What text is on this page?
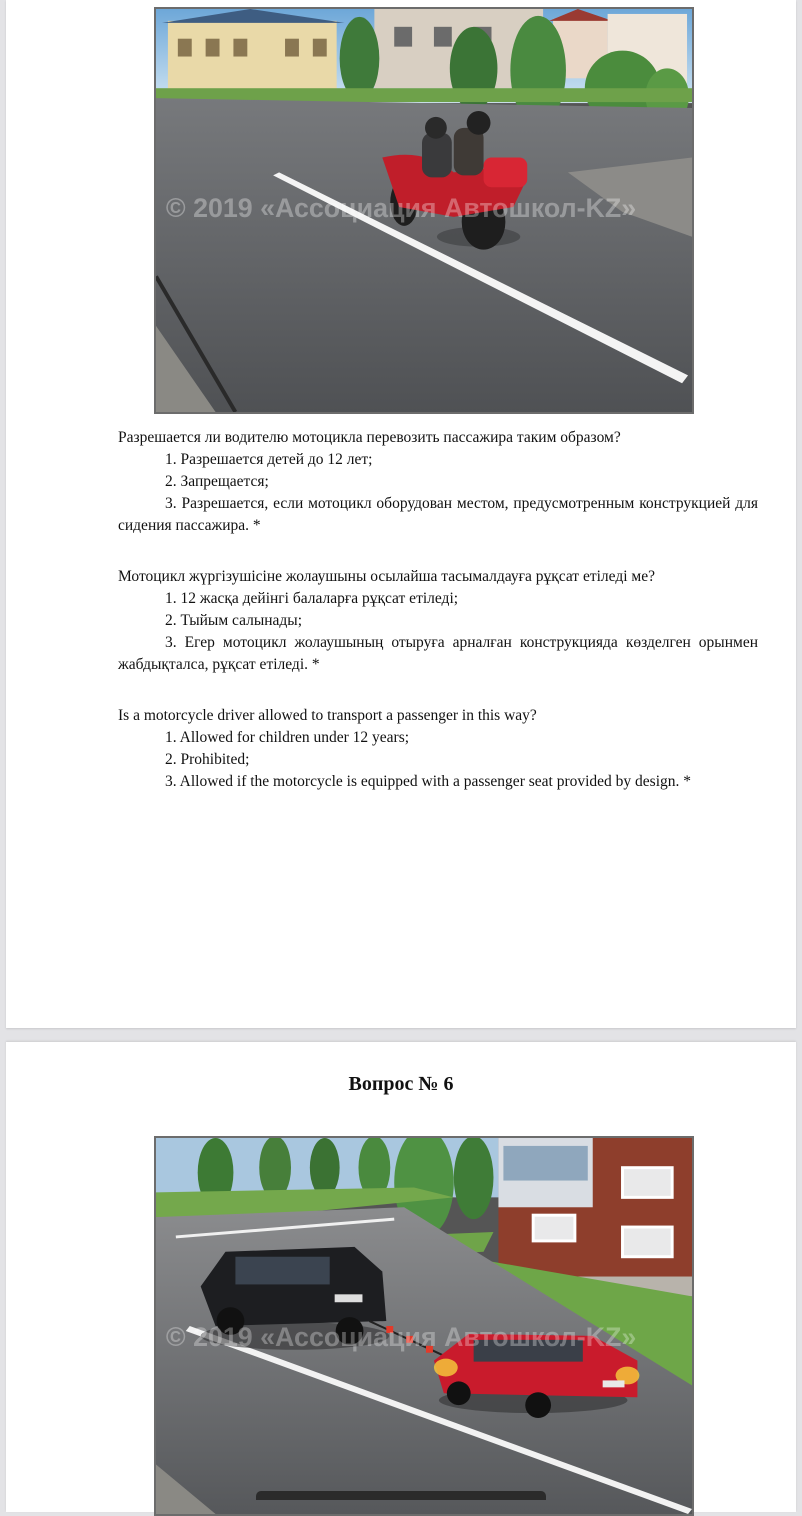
© 2019 «Ассоциация Автошкол-KZ»

Разрешается ли водителю мотоцикла перевозить пассажира таким образом?

1. Разрешается детей до 12 лет;

2. Запрещается;

3. Разрешается, если мотоцикл оборудован местом, предусмотренным конструкцией для сидения пассажира. *

Мотоцикл жүргізушісіне жолаушыны осылайша тасымалдауға рұқсат етіледі ме?

1. 12 жасқа дейінгі балаларға рұқсат етіледі;

2. Тыйым салынады;

3. Егер мотоцикл жолаушының отыруға арналған конструкцияда көзделген орынмен жабдықталса, рұқсат етіледі. *

Is a motorcycle driver allowed to transport a passenger in this way?

1. Allowed for children under 12 years;

2. Prohibited;

3. Allowed if the motorcycle is equipped with a passenger seat provided by design. *

Вопрос № 6
© 2019 «Ассоциация Автошкол-KZ»
